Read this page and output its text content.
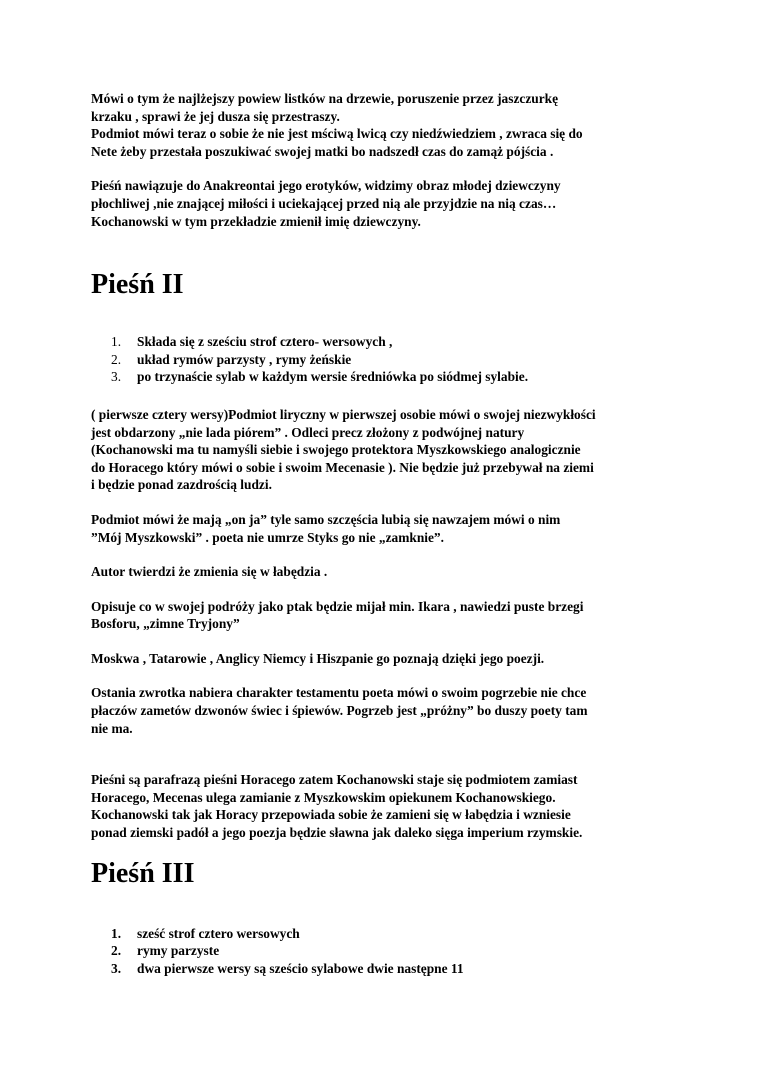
Mówi o tym że najlżejszy powiew listków na drzewie, poruszenie przez jaszczurkę
krzaku , sprawi że jej dusza się przestraszy.
Podmiot mówi teraz o sobie że nie jest mściwą lwicą czy niedźwiedziem , zwraca się do
Nete żeby przestała poszukiwać swojej matki bo nadszedł czas do zamąż pójścia .

Pieśń nawiązuje do Anakreontai jego erotyków, widzimy obraz młodej dziewczyny
płochliwej ,nie znającej miłości i uciekającej przed nią ale przyjdzie na nią czas…
Kochanowski w tym przekładzie zmienił imię dziewczyny.

Pieśń II
1. Składa się z sześciu strof cztero- wersowych ,
2. układ rymów parzysty , rymy żeńskie
3. po trzynaście sylab w każdym wersie średniówka po siódmej sylabie.

( pierwsze cztery wersy)Podmiot liryczny w pierwszej osobie mówi o swojej niezwykłości
jest obdarzony „nie lada piórem” . Odleci precz złożony z podwójnej natury
(Kochanowski ma tu namyśli siebie i swojego protektora Myszkowskiego analogicznie
do Horacego który mówi o sobie i swoim Mecenasie ). Nie będzie już przebywał na ziemi
i będzie ponad zazdrością ludzi.

Podmiot mówi że mają „on ja” tyle samo szczęścia lubią się nawzajem mówi o nim
”Mój Myszkowski” . poeta nie umrze Styks go nie „zamknie”.

Autor twierdzi że zmienia się w łabędzia .

Opisuje co w swojej podróży jako ptak będzie mijał min. Ikara , nawiedzi puste brzegi
Bosforu, „zimne Tryjony”

Moskwa , Tatarowie , Anglicy Niemcy i Hiszpanie go poznają dzięki jego poezji.

Ostania zwrotka nabiera charakter testamentu poeta mówi o swoim pogrzebie nie chce
płaczów zametów dzwonów świec i śpiewów. Pogrzeb jest „próżny” bo duszy poety tam
nie ma.

Pieśni są parafrazą pieśni Horacego zatem Kochanowski staje się podmiotem zamiast
Horacego, Mecenas ulega zamianie z Myszkowskim opiekunem Kochanowskiego.
Kochanowski tak jak Horacy przepowiada sobie że zamieni się w łabędzia i wzniesie
ponad ziemski padół a jego poezja będzie sławna jak daleko sięga imperium rzymskie.

Pieśń III
1. sześć strof cztero wersowych
2. rymy parzyste
3. dwa pierwsze wersy są sześcio sylabowe dwie następne 11
